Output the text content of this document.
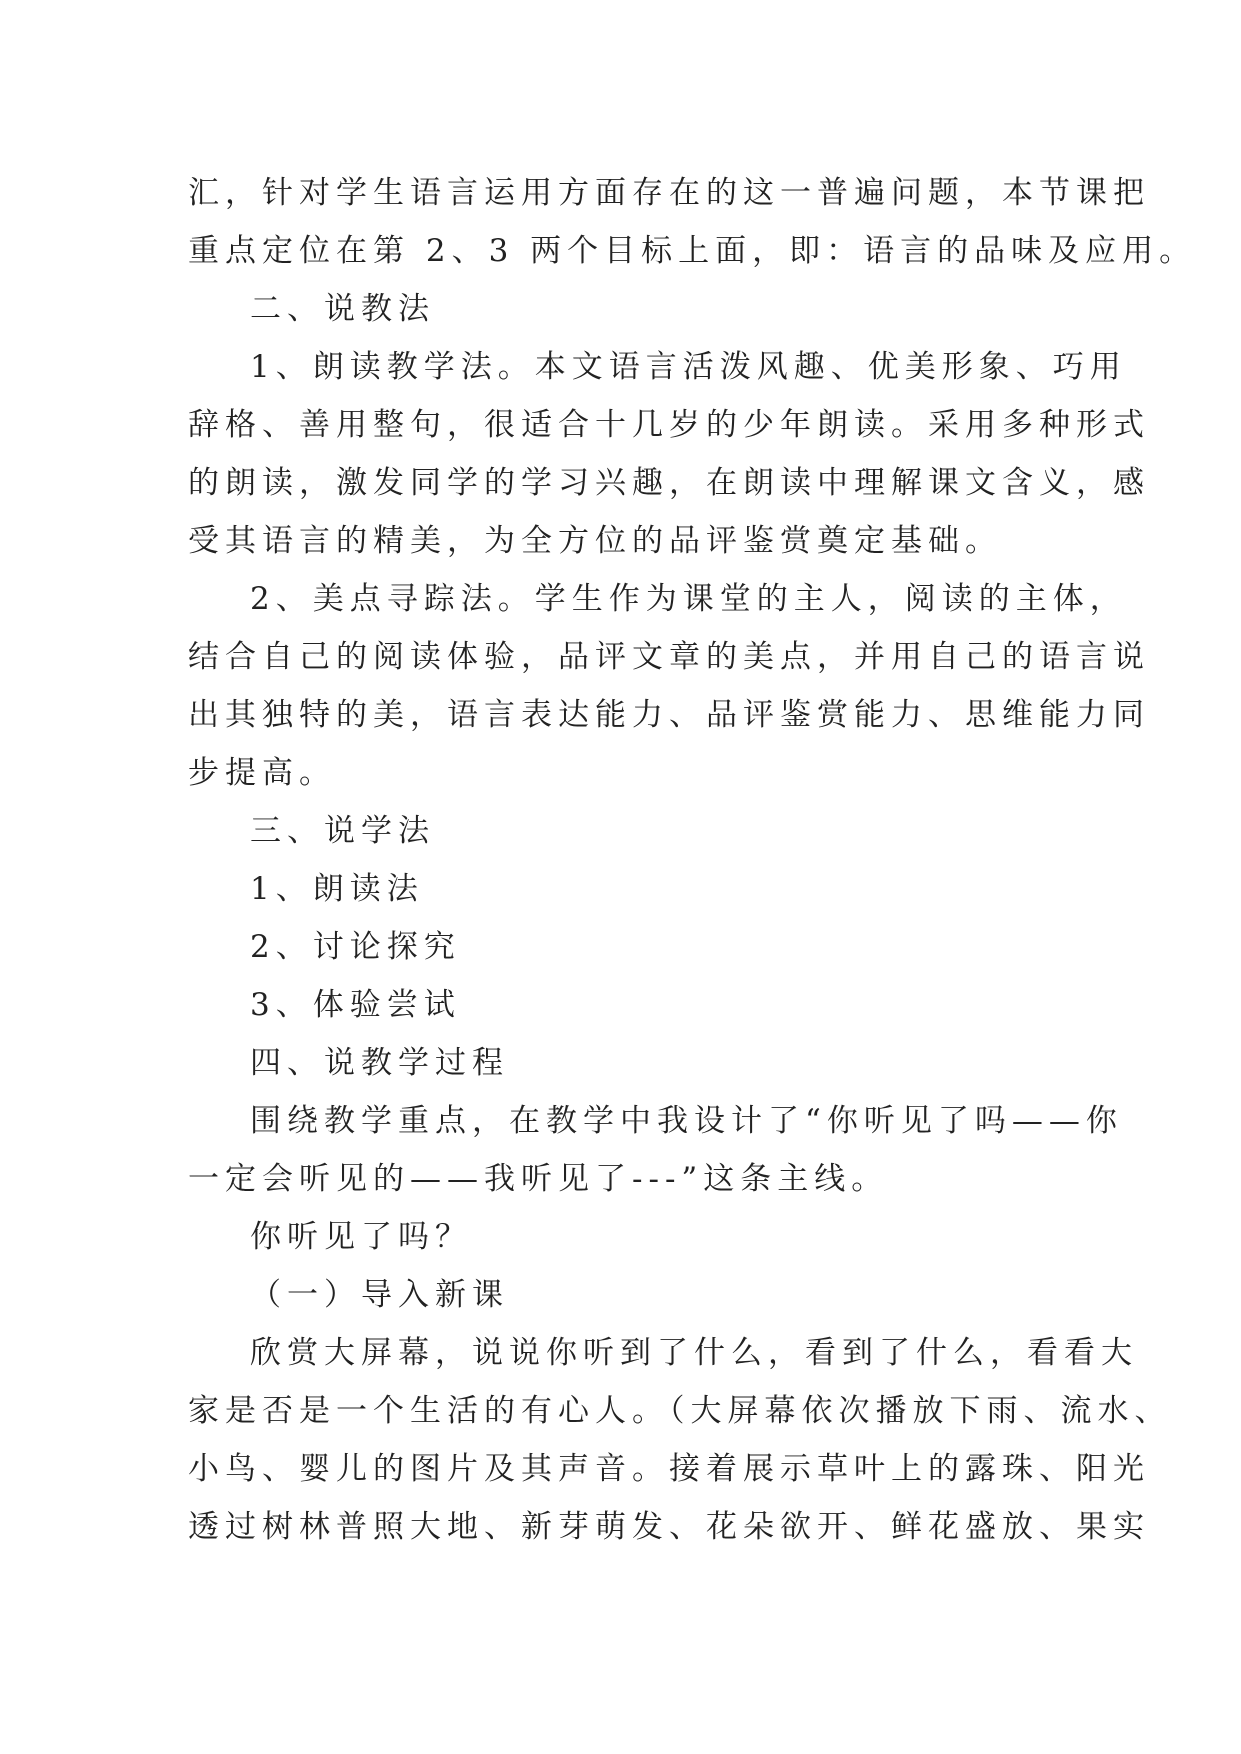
汇，针对学生语言运用方面存在的这一普遍问题，本节课把
重点定位在第 2、3 两个目标上面，即：语言的品味及应用。
二、说教法
1、朗读教学法。本文语言活泼风趣、优美形象、巧用
辞格、善用整句，很适合十几岁的少年朗读。采用多种形式
的朗读，激发同学的学习兴趣，在朗读中理解课文含义，感
受其语言的精美，为全方位的品评鉴赏奠定基础。
2、美点寻踪法。学生作为课堂的主人，阅读的主体，
结合自己的阅读体验，品评文章的美点，并用自己的语言说
出其独特的美，语言表达能力、品评鉴赏能力、思维能力同
步提高。
三、说学法
1、朗读法
2、讨论探究
3、体验尝试
四、说教学过程
围绕教学重点，在教学中我设计了“你听见了吗——你
一定会听见的——我听见了---”这条主线。
你听见了吗？
（一）导入新课
欣赏大屏幕，说说你听到了什么，看到了什么，看看大
家是否是一个生活的有心人。（大屏幕依次播放下雨、流水、
小鸟、婴儿的图片及其声音。接着展示草叶上的露珠、阳光
透过树林普照大地、新芽萌发、花朵欲开、鲜花盛放、果实
